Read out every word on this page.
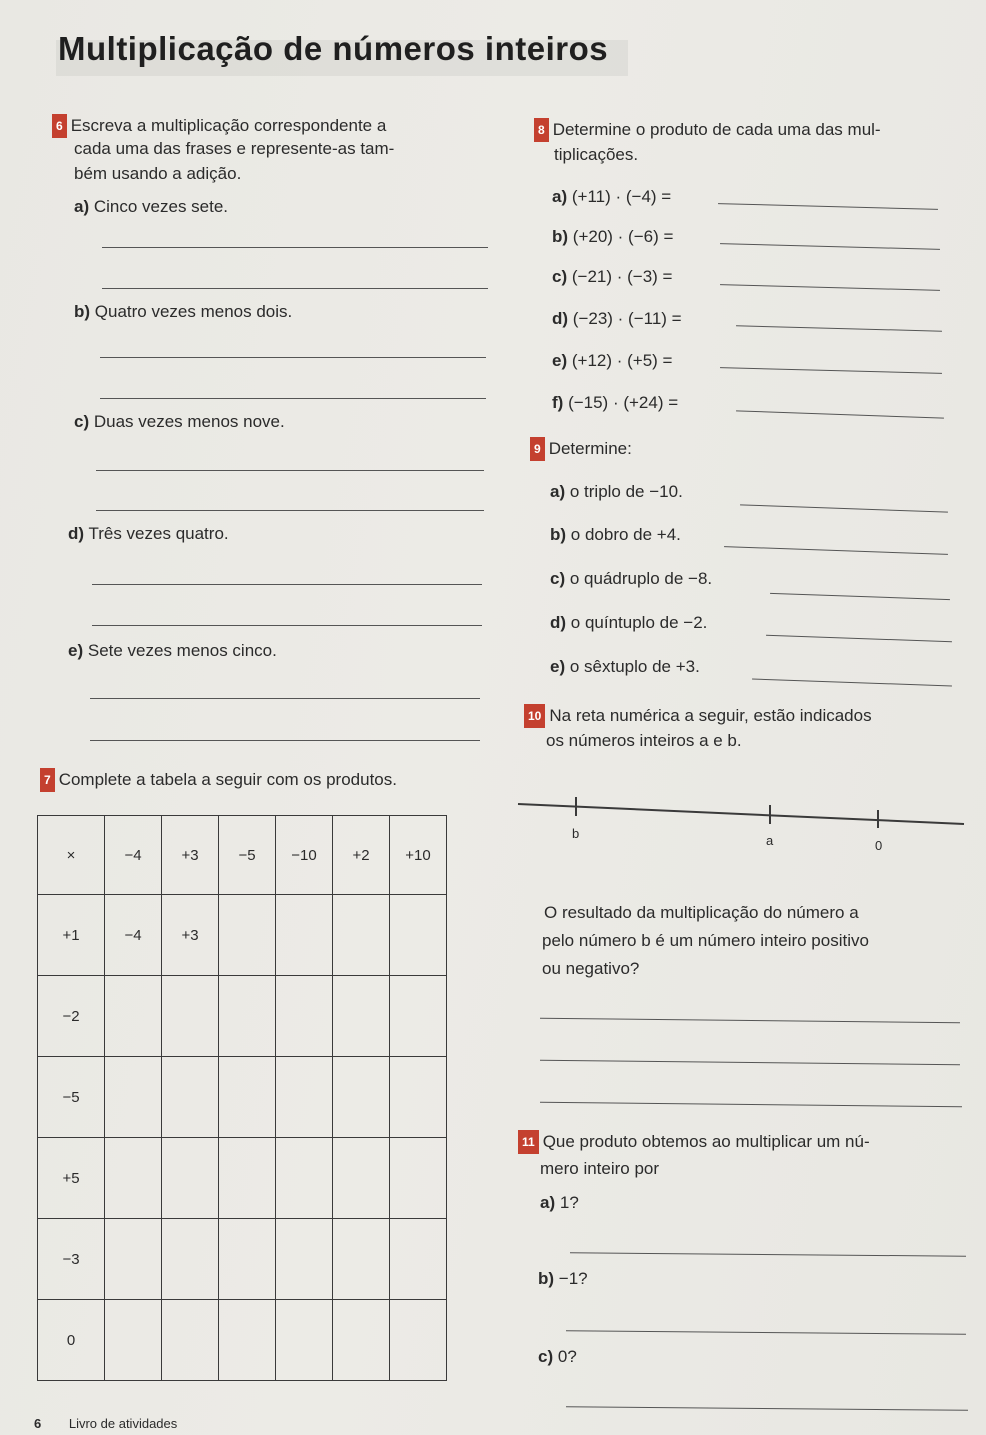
Multiplicação de números inteiros
6 Escreva a multiplicação correspondente a
cada uma das frases e represente-as tam-
bém usando a adição.
a) Cinco vezes sete.
b) Quatro vezes menos dois.
c) Duas vezes menos nove.
d) Três vezes quatro.
e) Sete vezes menos cinco.
7 Complete a tabela a seguir com os produtos.
×	−4	+3	−5	−10	+2	+10
+1	−4	+3				
−2						
−5						
+5						
−3						
0						
8 Determine o produto de cada uma das mul-
tiplicações.
a) (+11) · (−4) =
b) (+20) · (−6) =
c) (−21) · (−3) =
d) (−23) · (−11) =
e) (+12) · (+5) =
f) (−15) · (+24) =
9 Determine:
a) o triplo de −10.
b) o dobro de +4.
c) o quádruplo de −8.
d) o quíntuplo de −2.
e) o sêxtuplo de +3.
10 Na reta numérica a seguir, estão indicados
os números inteiros a e b.
b	a	0
O resultado da multiplicação do número a
pelo número b é um número inteiro positivo
ou negativo?
11 Que produto obtemos ao multiplicar um nú-
mero inteiro por
a) 1?
b) −1?
c) 0?
6 Livro de atividades
